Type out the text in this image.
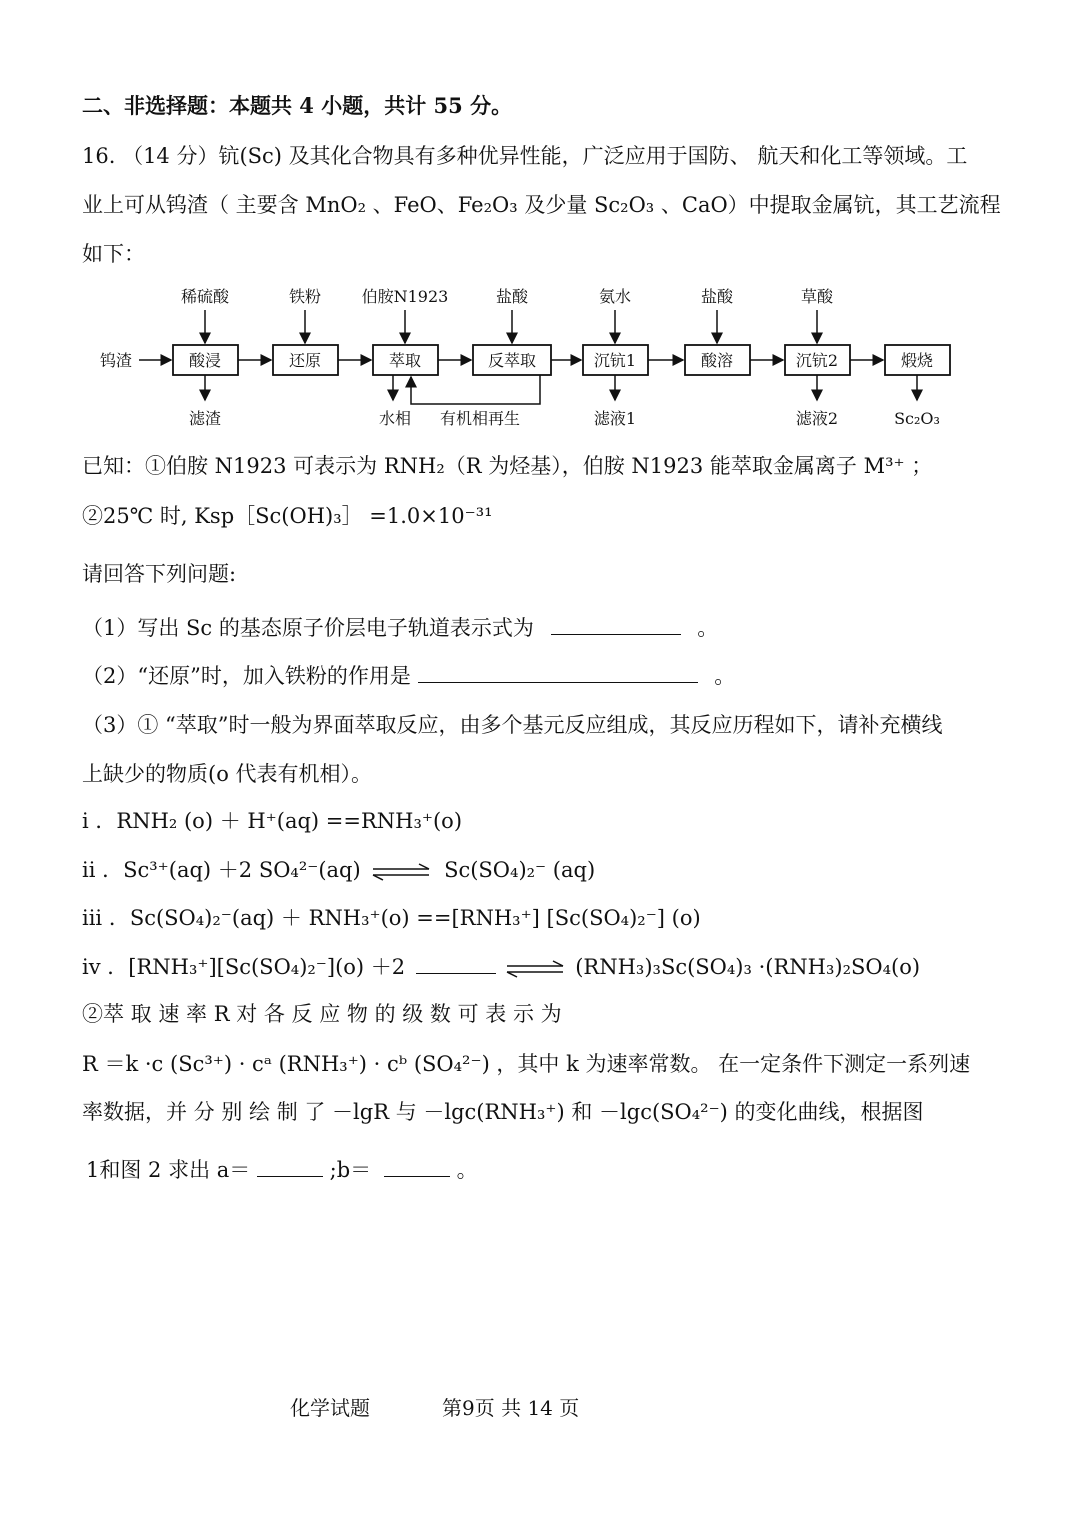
二、非选择题：本题共 4 小题，共计 55 分。
16. （14 分）钪(Sc) 及其化合物具有多种优异性能，广泛应用于国防、 航天和化工等领域。工
业上可从钨渣（ 主要含 MnO₂ 、FeO、Fe₂O₃ 及少量 Sc₂O₃ 、CaO）中提取金属钪，其工艺流程
如下：
钨渣	酸浸	还原	萃取	反萃取	沉钪1	酸溶	沉钪2	煅烧
稀硫酸	铁粉	伯胺N1923	盐酸	氨水	盐酸	草酸
滤渣	水相 有机相再生	滤液1	滤液2	Sc₂O₃
已知：①伯胺 N1923 可表示为 RNH₂（R 为烃基），伯胺 N1923 能萃取金属离子 M³⁺ ；
②25℃ 时, Ksp［Sc(OH)₃］ =1.0×10⁻³¹
请回答下列问题:
（1）写出 Sc 的基态原子价层电子轨道表示式为	。
（2）“还原”时，加入铁粉的作用是	。
（3）① “萃取”时一般为界面萃取反应，由多个基元反应组成，其反应历程如下，请补充横线
上缺少的物质(o 代表有机相）。
i ．RNH₂ (o) ＋ H⁺(aq) ==RNH₃⁺(o)
ii ．Sc³⁺(aq) ＋2 SO₄²⁻(aq) ⇌ Sc(SO₄)₂⁻ (aq)
iii ．Sc(SO₄)₂⁻(aq) ＋ RNH₃⁺(o) ==[RNH₃⁺] [Sc(SO₄)₂⁻] (o)
iv ．[RNH₃⁺][Sc(SO₄)₂⁻](o) ＋2	⇌ (RNH₃)₃Sc(SO₄)₃ ·(RNH₃)₂SO₄(o)
②萃 取 速 率 R 对 各 反 应 物 的 级 数 可 表 示 为
R ＝k ·c (Sc³⁺) · cᵃ (RNH₃⁺) · cᵇ (SO₄²⁻) ，其中 k 为速率常数。 在一定条件下测定一系列速
率数据，并 分 别 绘 制 了 －lgR 与 －lgc(RNH₃⁺) 和 －lgc(SO₄²⁻) 的变化曲线，根据图
1和图 2 求出 a＝	;b＝	。
化学试题	第9页 共 14 页
